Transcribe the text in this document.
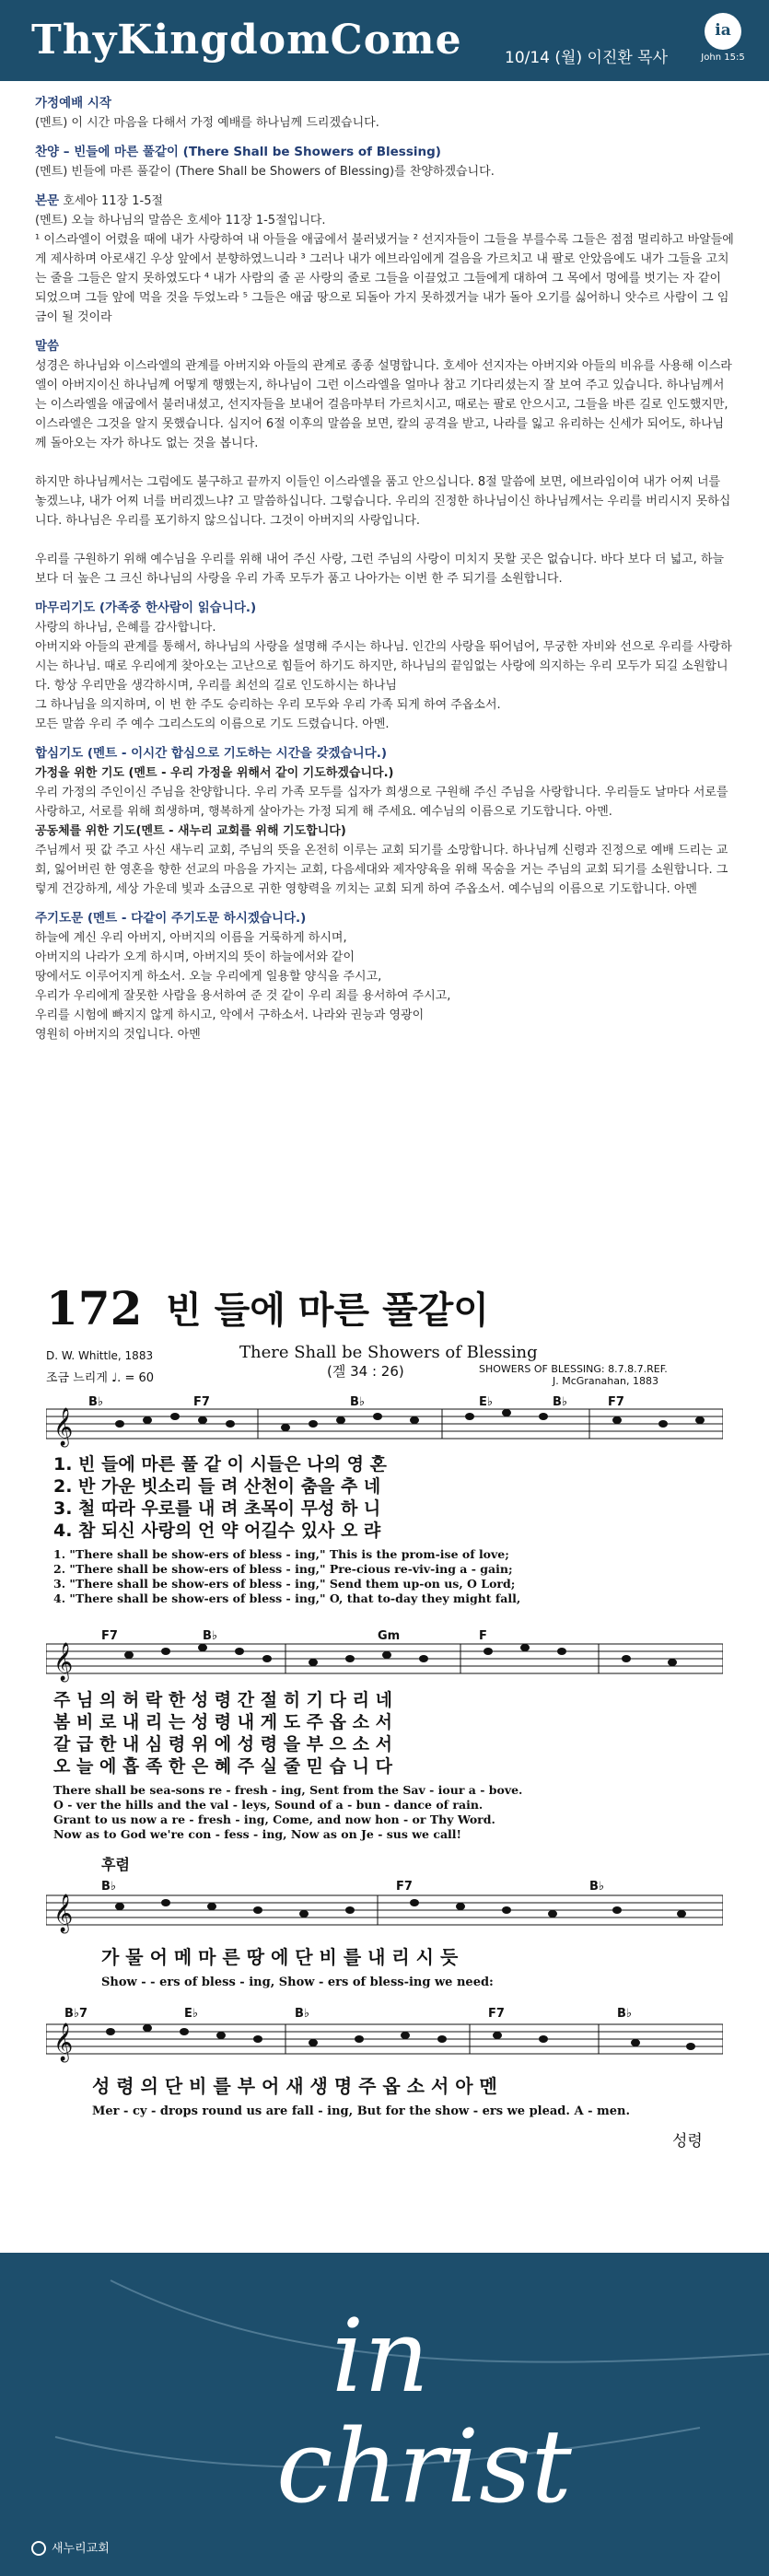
ThyKingdomCome	10/14 (월) 이진환 목사
ia
John 15:5
가정예배 시작
(멘트) 이 시간 마음을 다해서 가정 예배를 하나님께 드리겠습니다.
찬양 – 빈들에 마른 풀같이 (There Shall be Showers of Blessing)
(멘트) 빈들에 마른 풀같이 (There Shall be Showers of Blessing)를 찬양하겠습니다.
본문 호세아 11장 1-5절
(멘트) 오늘 하나님의 말씀은 호세아 11장 1-5절입니다.
¹ 이스라엘이 어렸을 때에 내가 사랑하여 내 아들을 애굽에서 불러냈거늘 ² 선지자들이 그들을 부를수록 그들은 점점 멀리하고 바알들에게 제사하며 아로새긴 우상 앞에서 분향하였느니라 ³ 그러나 내가 에브라임에게 걸음을 가르치고 내 팔로 안았음에도 내가 그들을 고치는 줄을 그들은 알지 못하였도다 ⁴ 내가 사람의 줄 곧 사랑의 줄로 그들을 이끌었고 그들에게 대하여 그 목에서 멍에를 벗기는 자 같이 되었으며 그들 앞에 먹을 것을 두었노라 ⁵ 그들은 애굽 땅으로 되돌아 가지 못하겠거늘 내가 돌아 오기를 싫어하니 앗수르 사람이 그 임금이 될 것이라
말씀
성경은 하나님와 이스라엘의 관계를 아버지와 아들의 관계로 종종 설명합니다. 호세아 선지자는 아버지와 아들의 비유를 사용해 이스라엘이 아버지이신 하나님께 어떻게 행했는지, 하나님이 그런 이스라엘을 얼마나 참고 기다리셨는지 잘 보여 주고 있습니다. 하나님께서는 이스라엘을 애굽에서 불러내셨고, 선지자들을 보내어 걸음마부터 가르치시고, 때로는 팔로 안으시고, 그들을 바른 길로 인도했지만, 이스라엘은 그것을 알지 못했습니다. 심지어 6절 이후의 말씀을 보면, 칼의 공격을 받고, 나라를 잃고 유리하는 신세가 되어도, 하나님께 돌아오는 자가 하나도 없는 것을 봅니다.
하지만 하나님께서는 그럼에도 불구하고 끝까지 이들인 이스라엘을 품고 안으십니다. 8절 말씀에 보면, 에브라임이여 내가 어찌 너를 놓겠느냐, 내가 어찌 너를 버리겠느냐? 고 말씀하십니다. 그렇습니다. 우리의 진정한 하나님이신 하나님께서는 우리를 버리시지 못하십니다. 하나님은 우리를 포기하지 않으십니다. 그것이 아버지의 사랑입니다.
우리를 구원하기 위해 예수님을 우리를 위해 내어 주신 사랑, 그런 주님의 사랑이 미치지 못할 곳은 없습니다. 바다 보다 더 넓고, 하늘보다 더 높은 그 크신 하나님의 사랑을 우리 가족 모두가 품고 나아가는 이번 한 주 되기를 소원합니다.
마무리기도 (가족중 한사람이 읽습니다.)
사랑의 하나님, 은혜를 감사합니다.
아버지와 아들의 관계를 통해서, 하나님의 사랑을 설명해 주시는 하나님. 인간의 사랑을 뛰어넘어, 무궁한 자비와 선으로 우리를 사랑하시는 하나님. 때로 우리에게 찾아오는 고난으로 힘들어 하기도 하지만, 하나님의 끝임없는 사랑에 의지하는 우리 모두가 되길 소원합니다. 항상 우리만을 생각하시며, 우리를 최선의 길로 인도하시는 하나님
그 하나님을 의지하며, 이 번 한 주도 승리하는 우리 모두와 우리 가족 되게 하여 주옵소서.
모든 말씀 우리 주 예수 그리스도의 이름으로 기도 드렸습니다. 아멘.
합심기도 (멘트 - 이시간 합심으로 기도하는 시간을 갖겠습니다.)
가정을 위한 기도 (멘트 - 우리 가정을 위해서 같이 기도하겠습니다.)
우리 가정의 주인이신 주님을 찬양합니다. 우리 가족 모두를 십자가 희생으로 구원해 주신 주님을 사랑합니다. 우리들도 날마다 서로를 사랑하고, 서로를 위해 희생하며, 행복하게 살아가는 가정 되게 해 주세요. 예수님의 이름으로 기도합니다. 아멘.
공동체를 위한 기도(멘트 - 새누리 교회를 위해 기도합니다)
주님께서 핏 값 주고 사신 새누리 교회, 주님의 뜻을 온전히 이루는 교회 되기를 소망합니다. 하나님께 신령과 진정으로 예배 드리는 교회, 잃어버린 한 영혼을 향한 선교의 마음을 가지는 교회, 다음세대와 제자양육을 위해 목숨을 거는 주님의 교회 되기를 소원합니다. 그렇게 건강하게, 세상 가운데 빛과 소금으로 귀한 영향력을 끼치는 교회 되게 하여 주옵소서. 예수님의 이름으로 기도합니다. 아멘
주기도문 (멘트 - 다같이 주기도문 하시겠습니다.)
하늘에 계신 우리 아버지, 아버지의 이름을 거룩하게 하시며,
아버지의 나라가 오게 하시며, 아버지의 뜻이 하늘에서와 같이
땅에서도 이루어지게 하소서. 오늘 우리에게 일용할 양식을 주시고,
우리가 우리에게 잘못한 사람을 용서하여 준 것 같이 우리 죄를 용서하여 주시고,
우리를 시험에 빠지지 않게 하시고, 악에서 구하소서. 나라와 권능과 영광이
영원히 아버지의 것입니다. 아멘
172 빈 들에 마른 풀같이
There Shall be Showers of Blessing
(겔 34 : 26)
D. W. Whittle, 1883
SHOWERS OF BLESSING: 8.7.8.7.REF.
J. McGranahan, 1883
조금 느리게 ♩. = 60
𝄞
B♭	F7	B♭	E♭	B♭	F7
1. 빈 들에 마른 풀 같 이 시들은 나의 영 혼
2. 반 가운 빗소리 들 려 산천이 춤을 추 네
3. 철 따라 우로를 내 려 초목이 무성 하 니
4. 참 되신 사랑의 언 약 어길수 있사 오 랴
1. "There shall be show-ers of bless - ing," This is the prom-ise of love;
2. "There shall be show-ers of bless - ing," Pre-cious re-viv-ing a - gain;
3. "There shall be show-ers of bless - ing," Send them up-on us, O Lord;
4. "There shall be show-ers of bless - ing," O, that to-day they might fall,
𝄞
F7	B♭	Gm	F
주 님 의 허 락 한 성 령 간 절 히 기 다 리 네
봄 비 로 내 리 는 성 령 내 게 도 주 옵 소 서
갈 급 한 내 심 령 위 에 성 령 을 부 으 소 서
오 늘 에 흡 족 한 은 혜 주 실 줄 믿 습 니 다
There shall be sea-sons re - fresh - ing, Sent from the Sav - iour a - bove.
O - ver the hills and the val - leys, Sound of a - bun - dance of rain.
Grant to us now a re - fresh - ing, Come, and now hon - or Thy Word.
Now as to God we're con - fess - ing, Now as on Je - sus we call!
후렴
B♭	F7	B♭
𝄞
가 물 어 메 마 른 땅 에 단 비 를 내 리 시 듯
Show - - ers of bless - ing, Show - ers of bless-ing we need:
B♭7	E♭	B♭	F7	B♭
𝄞
성 령 의 단 비 를 부 어 새 생 명 주 옵 소 서 아 멘
Mer - cy - drops round us are fall - ing, But for the show - ers we plead. A - men.
성령
in
christ
새누리교회
